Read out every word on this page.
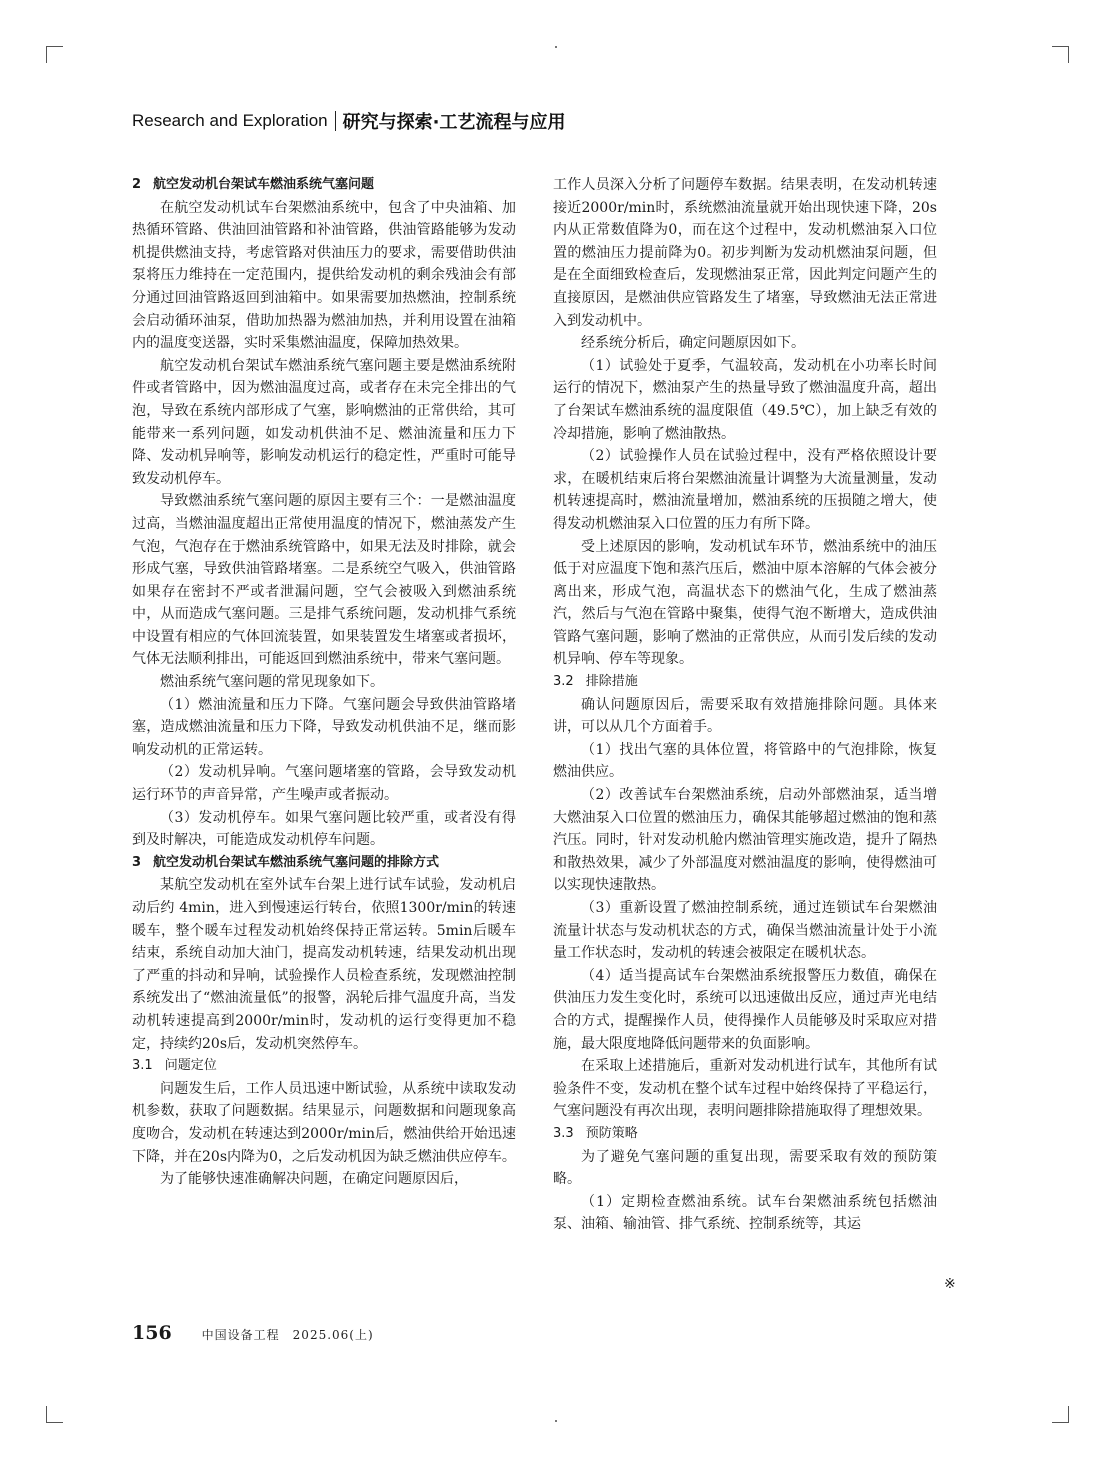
Research and Exploration 研究与探索·工艺流程与应用
2 航空发动机台架试车燃油系统气塞问题

在航空发动机试车台架燃油系统中，包含了中央油箱、加热循环管路、供油回油管路和补油管路，供油管路能够为发动机提供燃油支持，考虑管路对供油压力的要求，需要借助供油泵将压力维持在一定范围内，提供给发动机的剩余残油会有部分通过回油管路返回到油箱中。如果需要加热燃油，控制系统会启动循环油泵，借助加热器为燃油加热，并利用设置在油箱内的温度变送器，实时采集燃油温度，保障加热效果。

航空发动机台架试车燃油系统气塞问题主要是燃油系统附件或者管路中，因为燃油温度过高，或者存在未完全排出的气泡，导致在系统内部形成了气塞，影响燃油的正常供给，其可能带来一系列问题，如发动机供油不足、燃油流量和压力下降、发动机异响等，影响发动机运行的稳定性，严重时可能导致发动机停车。

导致燃油系统气塞问题的原因主要有三个：一是燃油温度过高，当燃油温度超出正常使用温度的情况下，燃油蒸发产生气泡，气泡存在于燃油系统管路中，如果无法及时排除，就会形成气塞，导致供油管路堵塞。二是系统空气吸入，供油管路如果存在密封不严或者泄漏问题，空气会被吸入到燃油系统中，从而造成气塞问题。三是排气系统问题，发动机排气系统中设置有相应的气体回流装置，如果装置发生堵塞或者损坏，气体无法顺利排出，可能返回到燃油系统中，带来气塞问题。

燃油系统气塞问题的常见现象如下。

（1）燃油流量和压力下降。气塞问题会导致供油管路堵塞，造成燃油流量和压力下降，导致发动机供油不足，继而影响发动机的正常运转。

（2）发动机异响。气塞问题堵塞的管路，会导致发动机运行环节的声音异常，产生噪声或者振动。

（3）发动机停车。如果气塞问题比较严重，或者没有得到及时解决，可能造成发动机停车问题。

3 航空发动机台架试车燃油系统气塞问题的排除方式

某航空发动机在室外试车台架上进行试车试验，发动机启动后约 4min，进入到慢速运行转台，依照1300r/min的转速暖车，整个暖车过程发动机始终保持正常运转。5min后暖车结束，系统自动加大油门，提高发动机转速，结果发动机出现了严重的抖动和异响，试验操作人员检查系统，发现燃油控制系统发出了“燃油流量低”的报警，涡轮后排气温度升高，当发动机转速提高到2000r/min时，发动机的运行变得更加不稳定，持续约20s后，发动机突然停车。

3.1 问题定位

问题发生后，工作人员迅速中断试验，从系统中读取发动机参数，获取了问题数据。结果显示，问题数据和问题现象高度吻合，发动机在转速达到2000r/min后，燃油供给开始迅速下降，并在20s内降为0，之后发动机因为缺乏燃油供应停车。

为了能够快速准确解决问题，在确定问题原因后，

工作人员深入分析了问题停车数据。结果表明，在发动机转速接近2000r/min时，系统燃油流量就开始出现快速下降，20s内从正常数值降为0，而在这个过程中，发动机燃油泵入口位置的燃油压力提前降为0。初步判断为发动机燃油泵问题，但是在全面细致检查后，发现燃油泵正常，因此判定问题产生的直接原因，是燃油供应管路发生了堵塞，导致燃油无法正常进入到发动机中。

经系统分析后，确定问题原因如下。

（1）试验处于夏季，气温较高，发动机在小功率长时间运行的情况下，燃油泵产生的热量导致了燃油温度升高，超出了台架试车燃油系统的温度限值（49.5℃），加上缺乏有效的冷却措施，影响了燃油散热。

（2）试验操作人员在试验过程中，没有严格依照设计要求，在暖机结束后将台架燃油流量计调整为大流量测量，发动机转速提高时，燃油流量增加，燃油系统的压损随之增大，使得发动机燃油泵入口位置的压力有所下降。

受上述原因的影响，发动机试车环节，燃油系统中的油压低于对应温度下饱和蒸汽压后，燃油中原本溶解的气体会被分离出来，形成气泡，高温状态下的燃油气化，生成了燃油蒸汽，然后与气泡在管路中聚集，使得气泡不断增大，造成供油管路气塞问题，影响了燃油的正常供应，从而引发后续的发动机异响、停车等现象。

3.2 排除措施

确认问题原因后，需要采取有效措施排除问题。具体来讲，可以从几个方面着手。

（1）找出气塞的具体位置，将管路中的气泡排除，恢复燃油供应。

（2）改善试车台架燃油系统，启动外部燃油泵，适当增大燃油泵入口位置的燃油压力，确保其能够超过燃油的饱和蒸汽压。同时，针对发动机舱内燃油管理实施改造，提升了隔热和散热效果，减少了外部温度对燃油温度的影响，使得燃油可以实现快速散热。

（3）重新设置了燃油控制系统，通过连锁试车台架燃油流量计状态与发动机状态的方式，确保当燃油流量计处于小流量工作状态时，发动机的转速会被限定在暖机状态。

（4）适当提高试车台架燃油系统报警压力数值，确保在供油压力发生变化时，系统可以迅速做出反应，通过声光电结合的方式，提醒操作人员，使得操作人员能够及时采取应对措施，最大限度地降低问题带来的负面影响。

在采取上述措施后，重新对发动机进行试车，其他所有试验条件不变，发动机在整个试车过程中始终保持了平稳运行，气塞问题没有再次出现，表明问题排除措施取得了理想效果。

3.3 预防策略

为了避免气塞问题的重复出现，需要采取有效的预防策略。

（1）定期检查燃油系统。试车台架燃油系统包括燃油泵、油箱、输油管、排气系统、控制系统等，其运

※
156	中国设备工程　2025.06(上)
